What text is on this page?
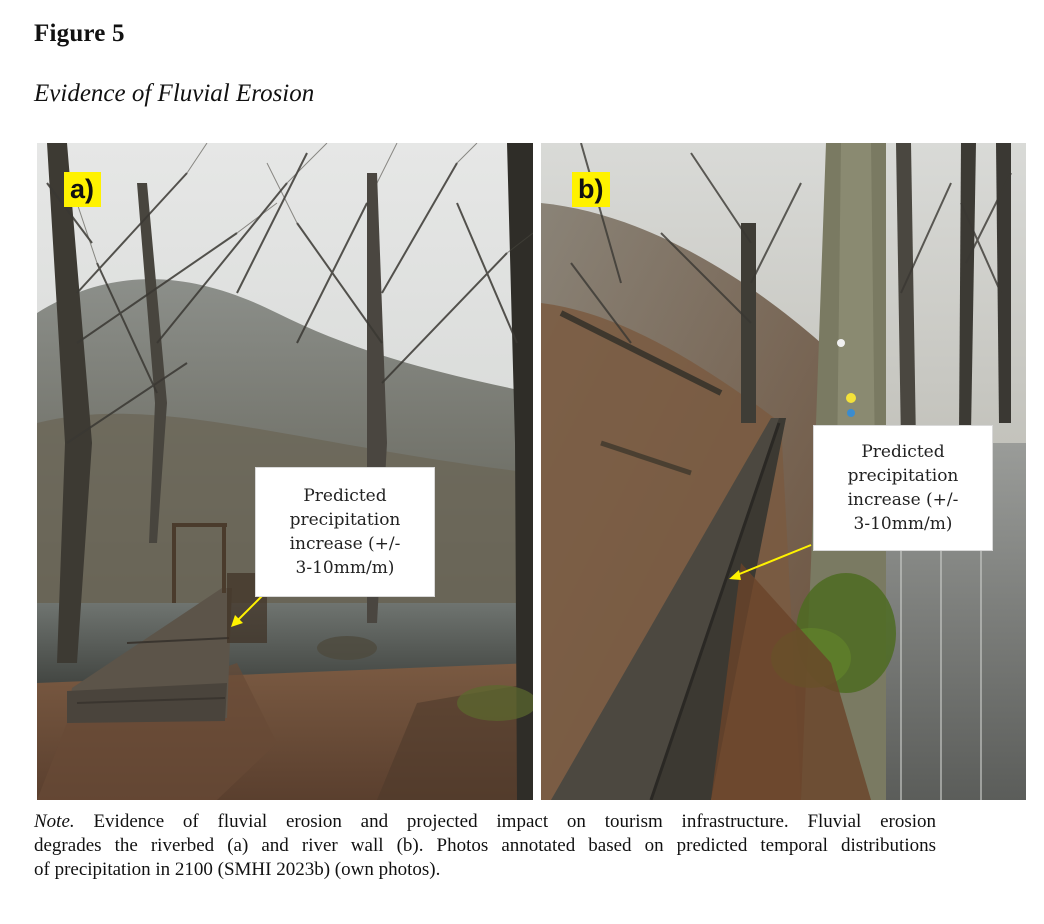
Figure 5
Evidence of Fluvial Erosion
a)
Predicted
precipitation
increase (+/-
3-10mm/m)
b)
Predicted
precipitation
increase (+/-
3-10mm/m)
Note. Evidence of fluvial erosion and projected impact on tourism infrastructure. Fluvial erosion
degrades the riverbed (a) and river wall (b). Photos annotated based on predicted temporal distributions
of precipitation in 2100 (SMHI 2023b) (own photos).
